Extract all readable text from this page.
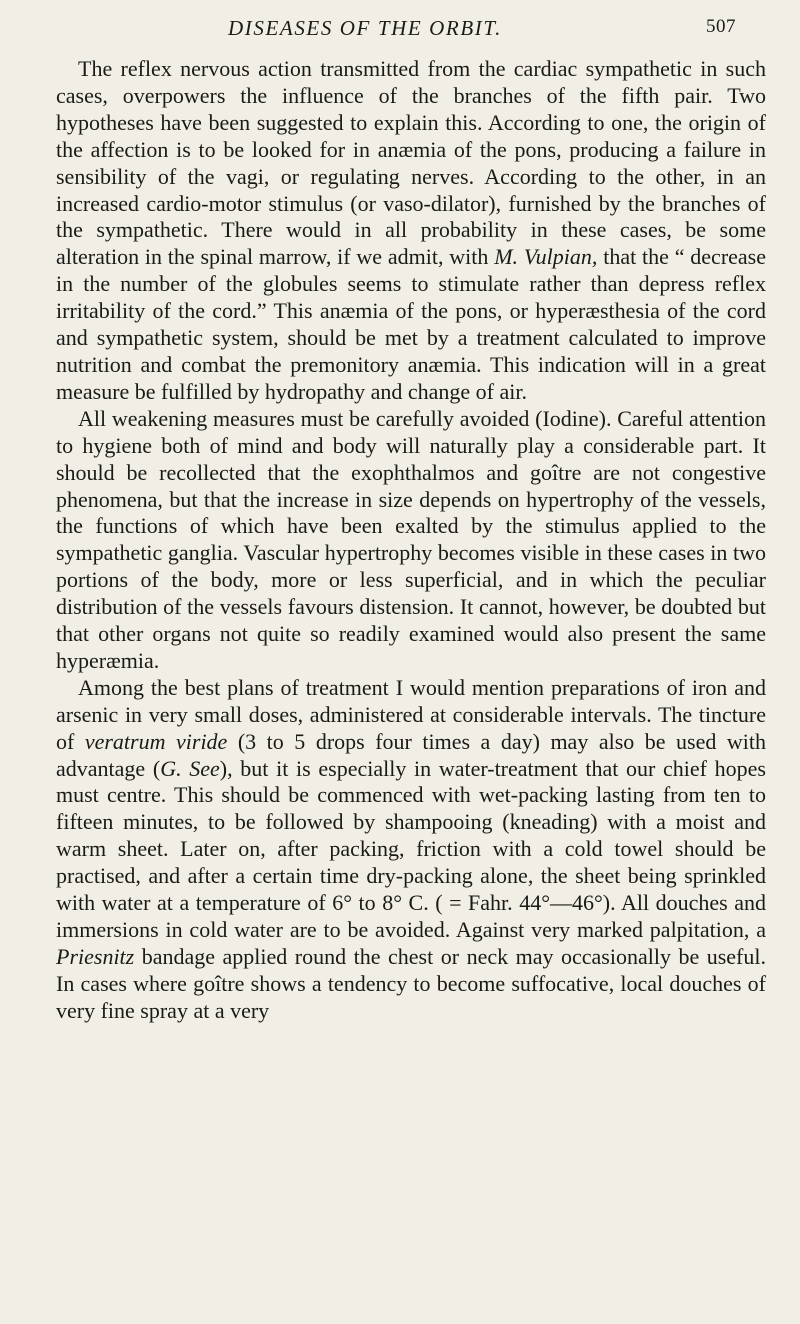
DISEASES OF THE ORBIT.	507

The reflex nervous action transmitted from the cardiac sympathetic in such cases, overpowers the influence of the branches of the fifth pair. Two hypotheses have been suggested to explain this. According to one, the origin of the affection is to be looked for in anæmia of the pons, producing a failure in sensibility of the vagi, or regulating nerves. According to the other, in an increased cardio-motor stimulus (or vaso-dilator), furnished by the branches of the sympathetic. There would in all probability in these cases, be some alteration in the spinal marrow, if we admit, with M. Vulpian, that the “ decrease in the number of the globules seems to stimulate rather than depress reflex irritability of the cord.” This anæmia of the pons, or hyperæsthesia of the cord and sympathetic system, should be met by a treatment calculated to improve nutrition and combat the premonitory anæmia. This indication will in a great measure be fulfilled by hydropathy and change of air.

All weakening measures must be carefully avoided (Iodine). Careful attention to hygiene both of mind and body will naturally play a considerable part. It should be recollected that the exophthalmos and goître are not congestive phenomena, but that the increase in size depends on hypertrophy of the vessels, the functions of which have been exalted by the stimulus applied to the sympathetic ganglia. Vascular hypertrophy becomes visible in these cases in two portions of the body, more or less superficial, and in which the peculiar distribution of the vessels favours distension. It cannot, however, be doubted but that other organs not quite so readily examined would also present the same hyperæmia.

Among the best plans of treatment I would mention preparations of iron and arsenic in very small doses, administered at considerable intervals. The tincture of veratrum viride (3 to 5 drops four times a day) may also be used with advantage (G. See), but it is especially in water-treatment that our chief hopes must centre. This should be commenced with wet-packing lasting from ten to fifteen minutes, to be followed by shampooing (kneading) with a moist and warm sheet. Later on, after packing, friction with a cold towel should be practised, and after a certain time dry-packing alone, the sheet being sprinkled with water at a temperature of 6° to 8° C. ( = Fahr. 44°—46°). All douches and immersions in cold water are to be avoided. Against very marked palpitation, a Priesnitz bandage applied round the chest or neck may occasionally be useful. In cases where goître shows a tendency to become suffocative, local douches of very fine spray at a very
